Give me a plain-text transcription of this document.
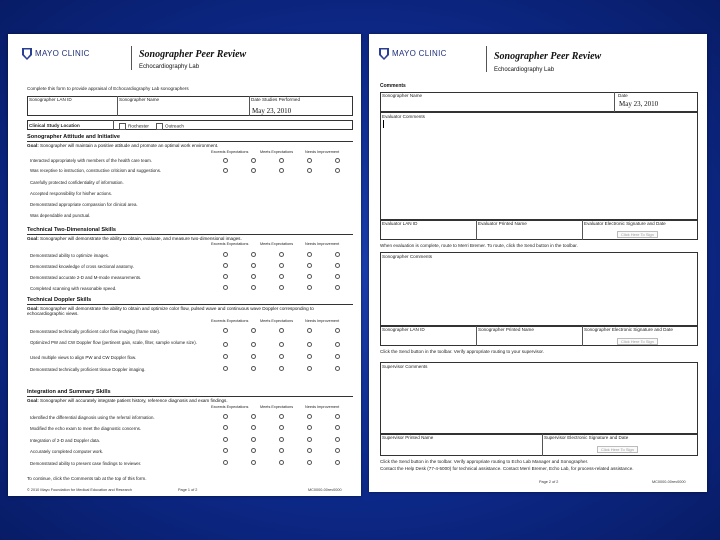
MAYO CLINIC	Sonographer Peer Review
Echocardiography Lab
Complete this form to provide appraisal of Echocardiography Lab sonographers
Sonographer LAN ID	Sonographer Name	Date Studies Performed
May 23, 2010
Clinical Study Location	Rochester	Outreach
Sonographer Attitude and Initiative
Goal: Sonographer will maintain a positive attitude and promote an optimal work environment.
Exceeds Expectations	Meets Expectations	Needs Improvement
Interacted appropriately with members of the health care team.
Was receptive to instruction, constructive criticism and suggestions.
Carefully protected confidentiality of information.
Accepted responsibility for his/her actions.
Demonstrated appropriate compassion for clinical area.
Was dependable and punctual.
Technical Two-Dimensional Skills
Goal: Sonographer will demonstrate the ability to obtain, evaluate, and measure two-dimensional images.
Exceeds Expectations	Meets Expectations	Needs Improvement
Demonstrated ability to optimize images.
Demonstrated knowledge of cross sectional anatomy.
Demonstrated accurate 2-D and M-mode measurements.
Completed scanning with reasonable speed.
Technical Doppler Skills
Goal: Sonographer will demonstrate the ability to obtain and optimize color flow, pulsed wave and continuous wave Doppler corresponding to echocardiographic views.
Exceeds Expectations	Meets Expectations	Needs Improvement
Demonstrated technically proficient color flow imaging (frame rate).
Optimized PW and CW Doppler flow (pertinent gain, scale, filter, sample volume size).
Used multiple views to align PW and CW Doppler flow.
Demonstrated technically proficient tissue Doppler imaging.
Integration and Summary Skills
Goal: Sonographer will accurately integrate patient history, reference diagnosis and exam findings.
Exceeds Expectations	Meets Expectations	Needs Improvement
Identified the differential diagnosis using the referral information.
Modified the echo exam to meet the diagnostic concerns.
Integration of 2-D and Doppler data.
Accurately completed computer work.
Demonstrated ability to present case findings to reviewer.
To continue, click the Comments tab at the top of this form.
© 2010 Mayo Foundation for Medical Education and Research	Page 1 of 2	MC0000-00rev0000
MAYO CLINIC	Sonographer Peer Review
Echocardiography Lab
Comments
Sonographer Name	Date
May 23, 2010
Evaluator Comments
Evaluator LAN ID	Evaluator Printed Name	Evaluator Electronic Signature and Date
Click Here To Sign
When evaluation is complete, route to Merri Bremer. To route, click the Send button in the toolbar.
Sonographer Comments
Sonographer LAN ID	Sonographer Printed Name	Sonographer Electronic Signature and Date
Click Here To Sign
Click the Send button in the toolbar. Verify appropriate routing to your supervisor.
Supervisor Comments
Supervisor Printed Name	Supervisor Electronic Signature and Date
Click Here To Sign
Click the Send button in the toolbar. Verify appropriate routing to Echo Lab Manager and Sonographer.
Contact the Help Desk (77-4-5000) for technical assistance. Contact Merri Bremer, Echo Lab, for process-related assistance.
Page 2 of 2	MC0000-00rev0000
